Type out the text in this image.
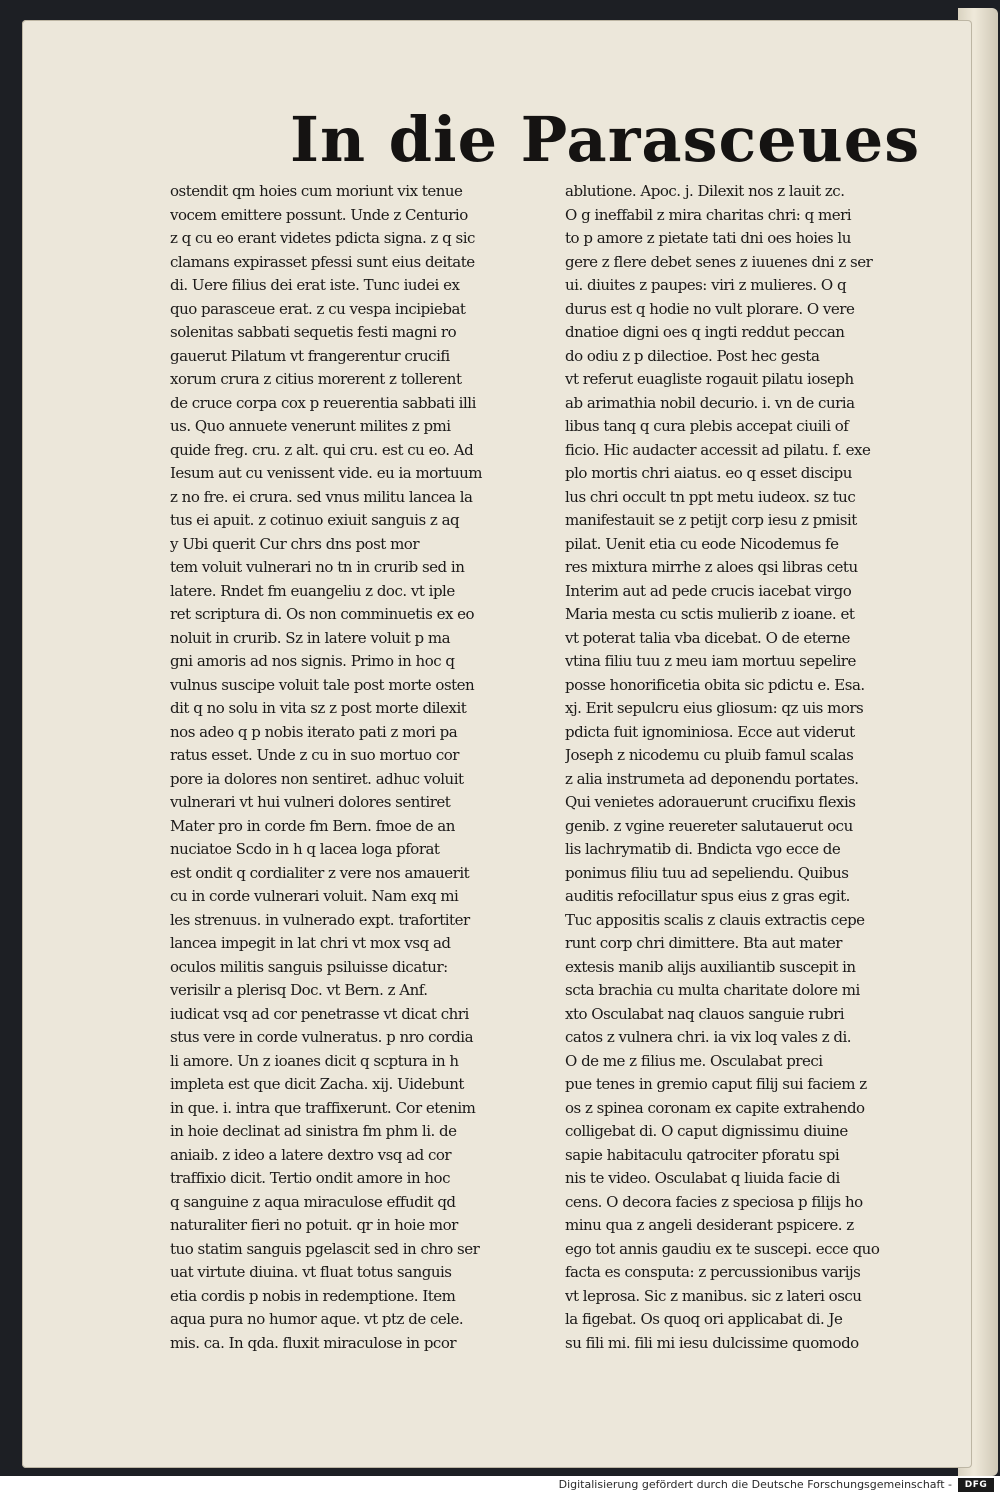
In die Parasceues
ostendit qm hoies cum moriunt vix tenue
vocem emittere possunt. Unde z Centurio
z q cu eo erant videtes pdicta signa. z q sic
clamans expirasset pfessi sunt eius deitate
di. Uere filius dei erat iste. Tunc iudei ex
quo parasceue erat. z cu vespa incipiebat
solenitas sabbati sequetis festi magni ro
gauerut Pilatum vt frangerentur crucifi
xorum crura z citius morerent z tollerent
de cruce corpa cox p reuerentia sabbati illi
us. Quo annuete venerunt milites z pmi
quide freg. cru. z alt. qui cru. est cu eo. Ad
Iesum aut cu venissent vide. eu ia mortuum
z no fre. ei crura. sed vnus militu lancea la
tus ei apuit. z cotinuo exiuit sanguis z aq
y Ubi querit Cur chrs dns post mor
tem voluit vulnerari no tn in crurib sed in
latere. Rndet fm euangeliu z doc. vt iple
ret scriptura di. Os non comminuetis ex eo
noluit in crurib. Sz in latere voluit p ma
gni amoris ad nos signis. Primo in hoc q
vulnus suscipe voluit tale post morte osten
dit q no solu in vita sz z post morte dilexit
nos adeo q p nobis iterato pati z mori pa
ratus esset. Unde z cu in suo mortuo cor
pore ia dolores non sentiret. adhuc voluit
vulnerari vt hui vulneri dolores sentiret
Mater pro in corde fm Bern. fmoe de an
nuciatoe Scdo in h q lacea loga pforat
est ondit q cordialiter z vere nos amauerit
cu in corde vulnerari voluit. Nam exq mi
les strenuus. in vulnerado expt. trafortiter
lancea impegit in lat chri vt mox vsq ad
oculos militis sanguis psiluisse dicatur:
verisilr a plerisq Doc. vt Bern. z Anf.
iudicat vsq ad cor penetrasse vt dicat chri
stus vere in corde vulneratus. p nro cordia
li amore. Un z ioanes dicit q scptura in h
impleta est que dicit Zacha. xij. Uidebunt
in que. i. intra que traffixerunt. Cor etenim
in hoie declinat ad sinistra fm phm li. de
aniaib. z ideo a latere dextro vsq ad cor
traffixio dicit. Tertio ondit amore in hoc
q sanguine z aqua miraculose effudit qd
naturaliter fieri no potuit. qr in hoie mor
tuo statim sanguis pgelascit sed in chro ser
uat virtute diuina. vt fluat totus sanguis
etia cordis p nobis in redemptione. Item
aqua pura no humor aque. vt ptz de cele.
mis. ca. In qda. fluxit miraculose in pcor
ablutione. Apoc. j. Dilexit nos z lauit zc.
O g ineffabil z mira charitas chri: q meri
to p amore z pietate tati dni oes hoies lu
gere z flere debet senes z iuuenes dni z ser
ui. diuites z paupes: viri z mulieres. O q
durus est q hodie no vult plorare. O vere
dnatioe digni oes q ingti reddut peccan
do odiu z p dilectioe. Post hec gesta
vt referut euagliste rogauit pilatu ioseph
ab arimathia nobil decurio. i. vn de curia
libus tanq q cura plebis accepat ciuili of
ficio. Hic audacter accessit ad pilatu. f. exe
plo mortis chri aiatus. eo q esset discipu
lus chri occult tn ppt metu iudeox. sz tuc
manifestauit se z petijt corp iesu z pmisit
pilat. Uenit etia cu eode Nicodemus fe
res mixtura mirrhe z aloes qsi libras cetu
Interim aut ad pede crucis iacebat virgo
Maria mesta cu sctis mulierib z ioane. et
vt poterat talia vba dicebat. O de eterne
vtina filiu tuu z meu iam mortuu sepelire
posse honorificetia obita sic pdictu e. Esa.
xj. Erit sepulcru eius gliosum: qz uis mors
pdicta fuit ignominiosa. Ecce aut viderut
Joseph z nicodemu cu pluib famul scalas
z alia instrumeta ad deponendu portates.
Qui venietes adorauerunt crucifixu flexis
genib. z vgine reuereter salutauerut ocu
lis lachrymatib di. Bndicta vgo ecce de
ponimus filiu tuu ad sepeliendu. Quibus
auditis refocillatur spus eius z gras egit.
Tuc appositis scalis z clauis extractis cepe
runt corp chri dimittere. Bta aut mater
extesis manib alijs auxiliantib suscepit in
scta brachia cu multa charitate dolore mi
xto Osculabat naq clauos sanguie rubri
catos z vulnera chri. ia vix loq vales z di.
O de me z filius me. Osculabat preci
pue tenes in gremio caput filij sui faciem z
os z spinea coronam ex capite extrahendo
colligebat di. O caput dignissimu diuine
sapie habitaculu qatrociter pforatu spi
nis te video. Osculabat q liuida facie di
cens. O decora facies z speciosa p filijs ho
minu qua z angeli desiderant pspicere. z
ego tot annis gaudiu ex te suscepi. ecce quo
facta es consputa: z percussionibus varijs
vt leprosa. Sic z manibus. sic z lateri oscu
la figebat. Os quoq ori applicabat di. Je
su fili mi. fili mi iesu dulcissime quomodo
Digitalisierung gefördert durch die Deutsche Forschungsgemeinschaft -	DFG
